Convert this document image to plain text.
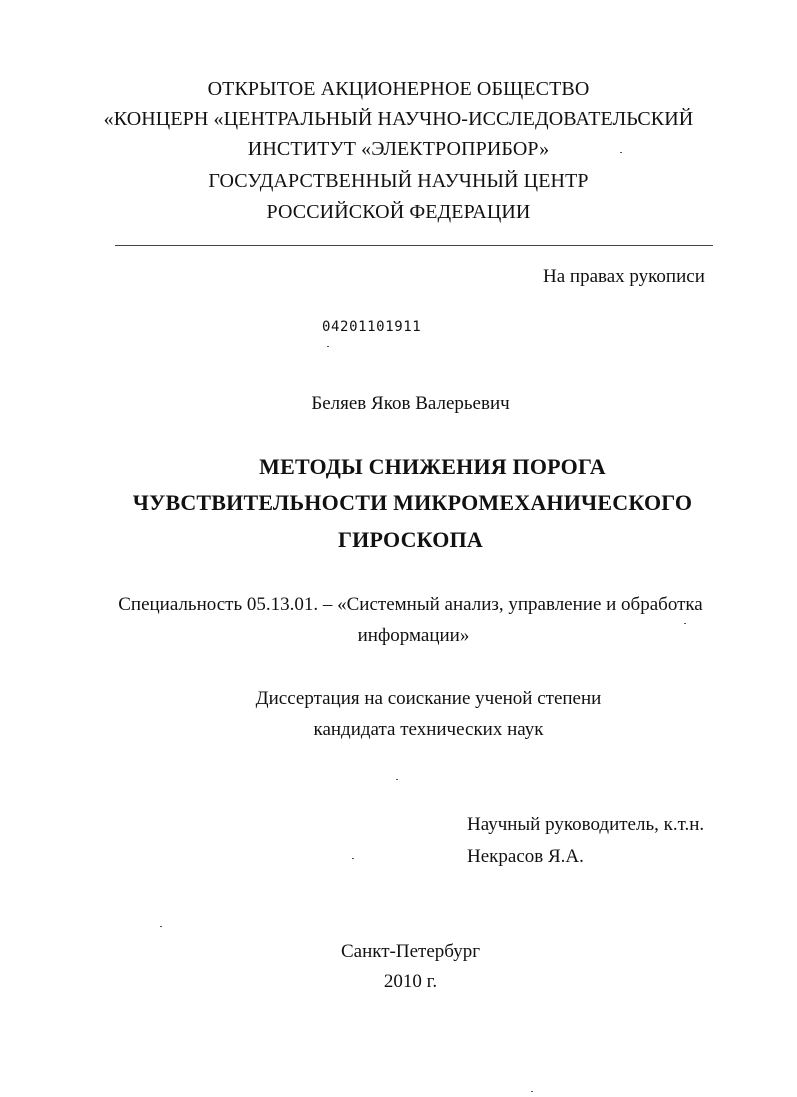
ОТКРЫТОЕ АКЦИОНЕРНОЕ ОБЩЕСТВО
«КОНЦЕРН «ЦЕНТРАЛЬНЫЙ НАУЧНО-ИССЛЕДОВАТЕЛЬСКИЙ
ИНСТИТУТ «ЭЛЕКТРОПРИБОР»
ГОСУДАРСТВЕННЫЙ НАУЧНЫЙ ЦЕНТР
РОССИЙСКОЙ ФЕДЕРАЦИИ
На правах рукописи
04201101911
Беляев Яков Валерьевич
МЕТОДЫ СНИЖЕНИЯ ПОРОГА
ЧУВСТВИТЕЛЬНОСТИ МИКРОМЕХАНИЧЕСКОГО
ГИРОСКОПА
Специальность 05.13.01. – «Системный анализ, управление и обработка
информации»
Диссертация на соискание ученой степени
кандидата технических наук
Научный руководитель, к.т.н.
Некрасов Я.А.
Санкт-Петербург
2010 г.
